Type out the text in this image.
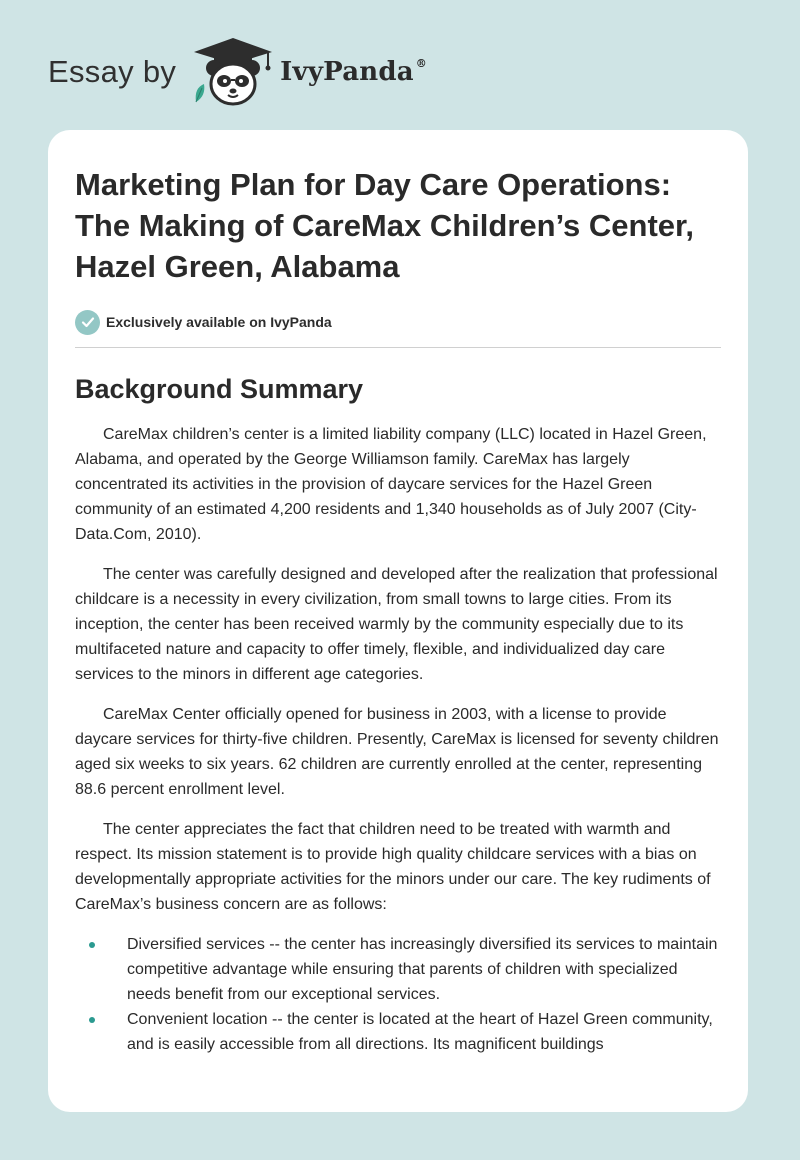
Essay by	IvyPanda ®
Marketing Plan for Day Care Operations: The Making of CareMax Children’s Center, Hazel Green, Alabama
Exclusively available on IvyPanda
Background Summary

CareMax children’s center is a limited liability company (LLC) located in Hazel Green, Alabama, and operated by the George Williamson family. CareMax has largely concentrated its activities in the provision of daycare services for the Hazel Green community of an estimated 4,200 residents and 1,340 households as of July 2007 (City-Data.Com, 2010).

The center was carefully designed and developed after the realization that professional childcare is a necessity in every civilization, from small towns to large cities. From its inception, the center has been received warmly by the community especially due to its multifaceted nature and capacity to offer timely, flexible, and individualized day care services to the minors in different age categories.

CareMax Center officially opened for business in 2003, with a license to provide daycare services for thirty-five children. Presently, CareMax is licensed for seventy children aged six weeks to six years. 62 children are currently enrolled at the center, representing 88.6 percent enrollment level.

The center appreciates the fact that children need to be treated with warmth and respect. Its mission statement is to provide high quality childcare services with a bias on developmentally appropriate activities for the minors under our care. The key rudiments of CareMax’s business concern are as follows:

Diversified services -- the center has increasingly diversified its services to maintain competitive advantage while ensuring that parents of children with specialized needs benefit from our exceptional services.
Convenient location -- the center is located at the heart of Hazel Green community, and is easily accessible from all directions. Its magnificent buildings
